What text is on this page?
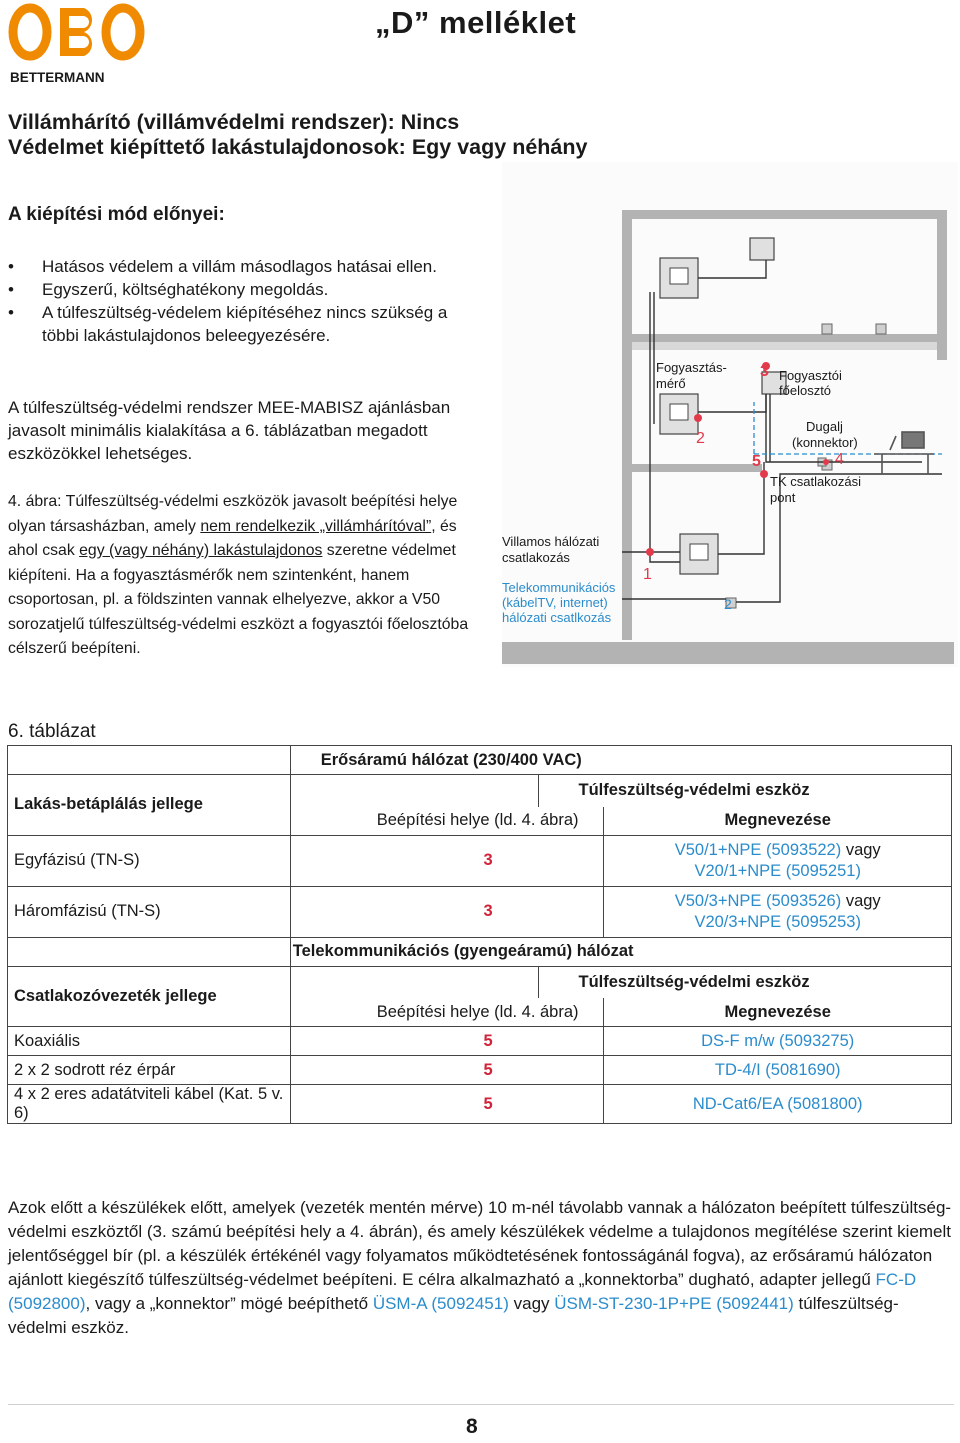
BETTERMANN
„D” melléklet
Villámhárító (villámvédelmi rendszer): Nincs
Védelmet kiépíttető lakástulajdonosok: Egy vagy néhány
A kiépítési mód előnyei:
• Hatásos védelem a villám másodlagos hatásai ellen.
• Egyszerű, költséghatékony megoldás.
• A túlfeszültség-védelem kiépítéséhez nincs szükség a többi lakástulajdonos beleegyezésére.
A túlfeszültség-védelmi rendszer MEE-MABISZ ajánlásban javasolt minimális kialakítása a 6. táblázatban megadott eszközökkel lehetséges.
4. ábra: Túlfeszültség-védelmi eszközök javasolt beépítési helye olyan társasházban, amely nem rendelkezik „villámhárítóval”, és ahol csak egy (vagy néhány) lakástulajdonos szeretne védelmet kiépíteni. Ha a fogyasztásmérők nem szintenként, hanem csoportosan, pl. a földszinten vannak elhelyezve, akkor a V50 sorozatjelű túlfeszültség-védelmi eszközt a fogyasztói főelosztóba célszerű beépíteni.
Fogyasztás-
mérő
Fogyasztói
főelosztó
Dugalj
(konnektor)
TK csatlakozási
pont
Villamos hálózati
csatlakozás
Telekommunikációs
(kábelTV, internet)
hálózati csatlkozás
1
2
3
4
5
2
6. táblázat
	Erősáramú hálózat (230/400 VAC)		
Lakás-betáplálás jellege		Túlfeszültség-védelmi eszköz	
	Beépítési helye (ld. 4. ábra)		Megnevezése
Egyfázisú (TN-S)	3		V50/1+NPE (5093522) vagy
V20/1+NPE (5095251)
Háromfázisú (TN-S)	3		V50/3+NPE (5093526) vagy
V20/3+NPE (5095253)
	Telekommunikációs (gyengeáramú) hálózat		
Csatlakozóvezeték jellege		Túlfeszültség-védelmi eszköz	
	Beépítési helye (ld. 4. ábra)		Megnevezése
Koaxiális	5		DS-F m/w (5093275)
2 x 2 sodrott réz érpár	5		TD-4/I (5081690)
4 x 2 eres adatátviteli kábel (Kat. 5 v. 6)	5		ND-Cat6/EA (5081800)
Azok előtt a készülékek előtt, amelyek (vezeték mentén mérve) 10 m-nél távolabb vannak a hálózaton beépített túlfeszültség-védelmi eszköztől (3. számú beépítési hely a 4. ábrán), és amely készülékek védelme a tulajdonos megítélése szerint kiemelt jelentőséggel bír (pl. a készülék értékénél vagy folyamatos működtetésének fontosságánál fogva), az erősáramú hálózaton ajánlott kiegészítő túlfeszültség-védelmet beépíteni. E célra alkalmazható a „konnektorba” dugható, adapter jellegű FC-D (5092800), vagy a „konnektor” mögé beépíthető ÜSM-A (5092451) vagy ÜSM-ST-230-1P+PE (5092441) túlfeszültség-védelmi eszköz.
8
